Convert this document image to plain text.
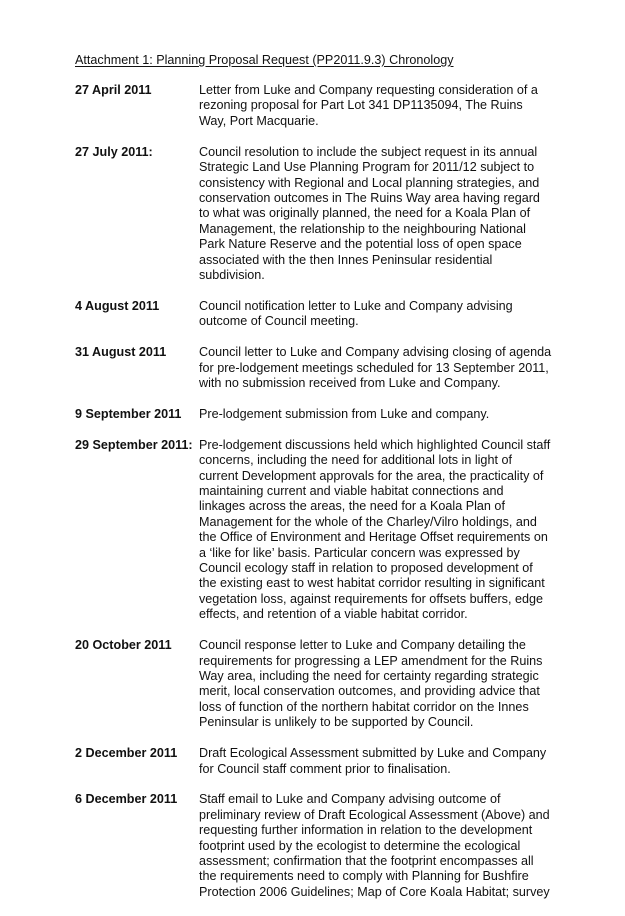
Attachment 1: Planning Proposal Request (PP2011.9.3) Chronology
27 April 2011	Letter from Luke and Company requesting consideration of a
rezoning proposal for Part Lot 341 DP1135094, The Ruins
Way, Port Macquarie.
27 July 2011:	Council resolution to include the subject request in its annual
Strategic Land Use Planning Program for 2011/12 subject to
consistency with Regional and Local planning strategies, and
conservation outcomes in The Ruins Way area having regard
to what was originally planned, the need for a Koala Plan of
Management, the relationship to the neighbouring National
Park Nature Reserve and the potential loss of open space
associated with the then Innes Peninsular residential
subdivision.
4 August 2011	Council notification letter to Luke and Company advising
outcome of Council meeting.
31 August 2011	Council letter to Luke and Company advising closing of agenda
for pre-lodgement meetings scheduled for 13 September 2011,
with no submission received from Luke and Company.
9 September 2011	Pre-lodgement submission from Luke and company.
29 September 2011: Pre-lodgement discussions held which highlighted Council staff
concerns, including the need for additional lots in light of
current Development approvals for the area, the practicality of
maintaining current and viable habitat connections and
linkages across the areas, the need for a Koala Plan of
Management for the whole of the Charley/Vilro holdings, and
the Office of Environment and Heritage Offset requirements on
a ‘like for like’ basis. Particular concern was expressed by
Council ecology staff in relation to proposed development of
the existing east to west habitat corridor resulting in significant
vegetation loss, against requirements for offsets buffers, edge
effects, and retention of a viable habitat corridor.
20 October 2011	Council response letter to Luke and Company detailing the
requirements for progressing a LEP amendment for the Ruins
Way area, including the need for certainty regarding strategic
merit, local conservation outcomes, and providing advice that
loss of function of the northern habitat corridor on the Innes
Peninsular is unlikely to be supported by Council.
2 December 2011	Draft Ecological Assessment submitted by Luke and Company
for Council staff comment prior to finalisation.
6 December 2011	Staff email to Luke and Company advising outcome of
preliminary review of Draft Ecological Assessment (Above) and
requesting further information in relation to the development
footprint used by the ecologist to determine the ecological
assessment; confirmation that the footprint encompasses all
the requirements need to comply with Planning for Bushfire
Protection 2006 Guidelines; Map of Core Koala Habitat; survey
